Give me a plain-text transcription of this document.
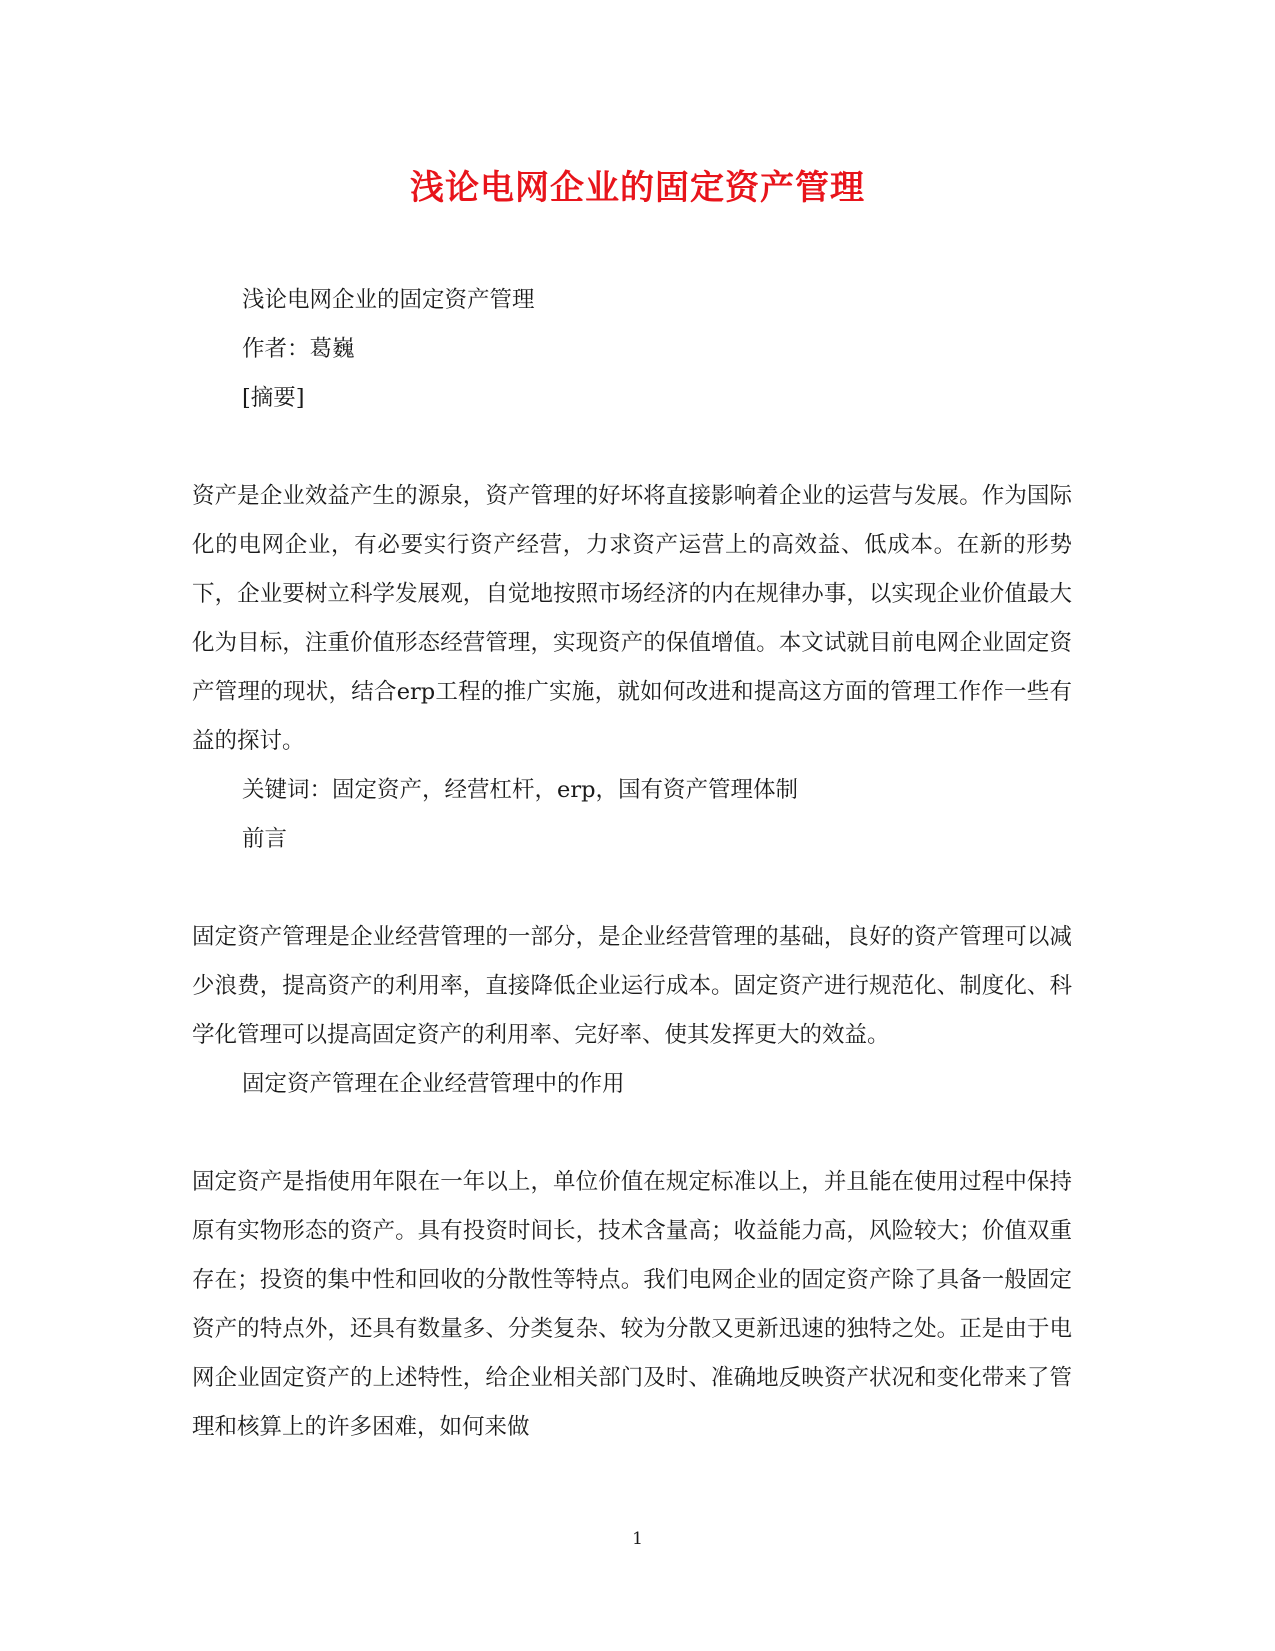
浅论电网企业的固定资产管理

浅论电网企业的固定资产管理

作者：葛巍

[摘要]

资产是企业效益产生的源泉，资产管理的好坏将直接影响着企业的运营与发展。作为国际化的电网企业，有必要实行资产经营，力求资产运营上的高效益、低成本。在新的形势下，企业要树立科学发展观，自觉地按照市场经济的内在规律办事，以实现企业价值最大化为目标，注重价值形态经营管理，实现资产的保值增值。本文试就目前电网企业固定资产管理的现状，结合erp工程的推广实施，就如何改进和提高这方面的管理工作作一些有益的探讨。

关键词：固定资产，经营杠杆，erp，国有资产管理体制

前言

固定资产管理是企业经营管理的一部分，是企业经营管理的基础，良好的资产管理可以减少浪费，提高资产的利用率，直接降低企业运行成本。固定资产进行规范化、制度化、科学化管理可以提高固定资产的利用率、完好率、使其发挥更大的效益。

固定资产管理在企业经营管理中的作用

固定资产是指使用年限在一年以上，单位价值在规定标准以上，并且能在使用过程中保持原有实物形态的资产。具有投资时间长，技术含量高；收益能力高，风险较大；价值双重存在；投资的集中性和回收的分散性等特点。我们电网企业的固定资产除了具备一般固定资产的特点外，还具有数量多、分类复杂、较为分散又更新迅速的独特之处。正是由于电网企业固定资产的上述特性，给企业相关部门及时、准确地反映资产状况和变化带来了管理和核算上的许多困难，如何来做

1
